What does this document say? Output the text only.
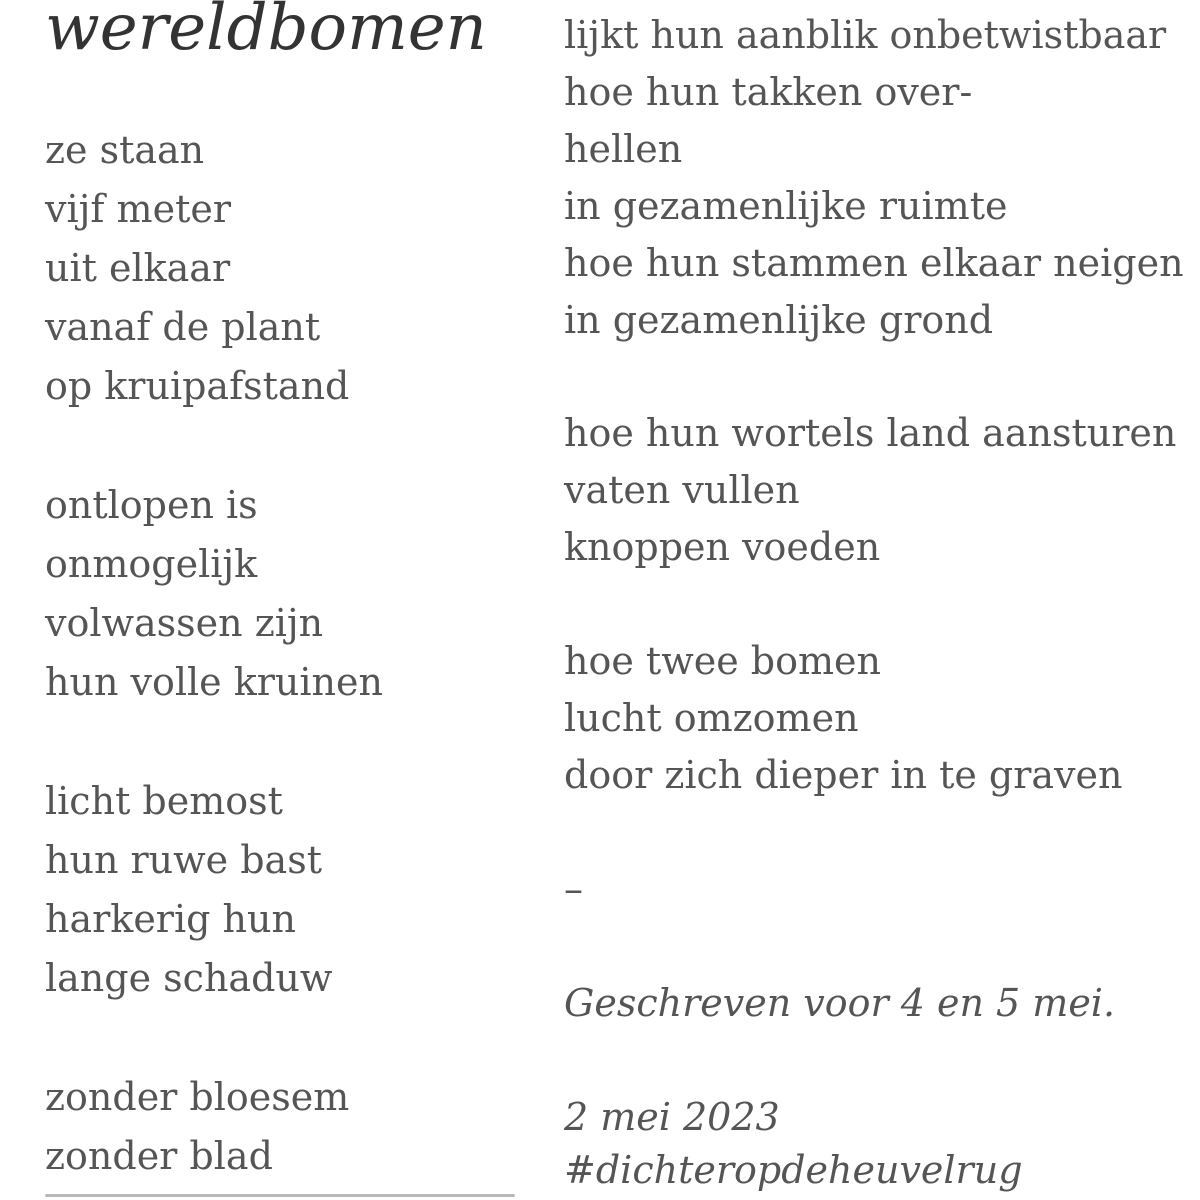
wereldbomen
ze staan
vijf meter
uit elkaar
vanaf de plant
op kruipafstand
ontlopen is
onmogelijk
volwassen zijn
hun volle kruinen
licht bemost
hun ruwe bast
harkerig hun
lange schaduw
zonder bloesem
zonder blad
lijkt hun aanblik onbetwistbaar
hoe hun takken over-
hellen
in gezamenlijke ruimte
hoe hun stammen elkaar neigen
in gezamenlijke grond
hoe hun wortels land aansturen
vaten vullen
knoppen voeden
hoe twee bomen
lucht omzomen
door zich dieper in te graven
–
Geschreven voor 4 en 5 mei.
2 mei 2023
#dichteropdeheuvelrug
